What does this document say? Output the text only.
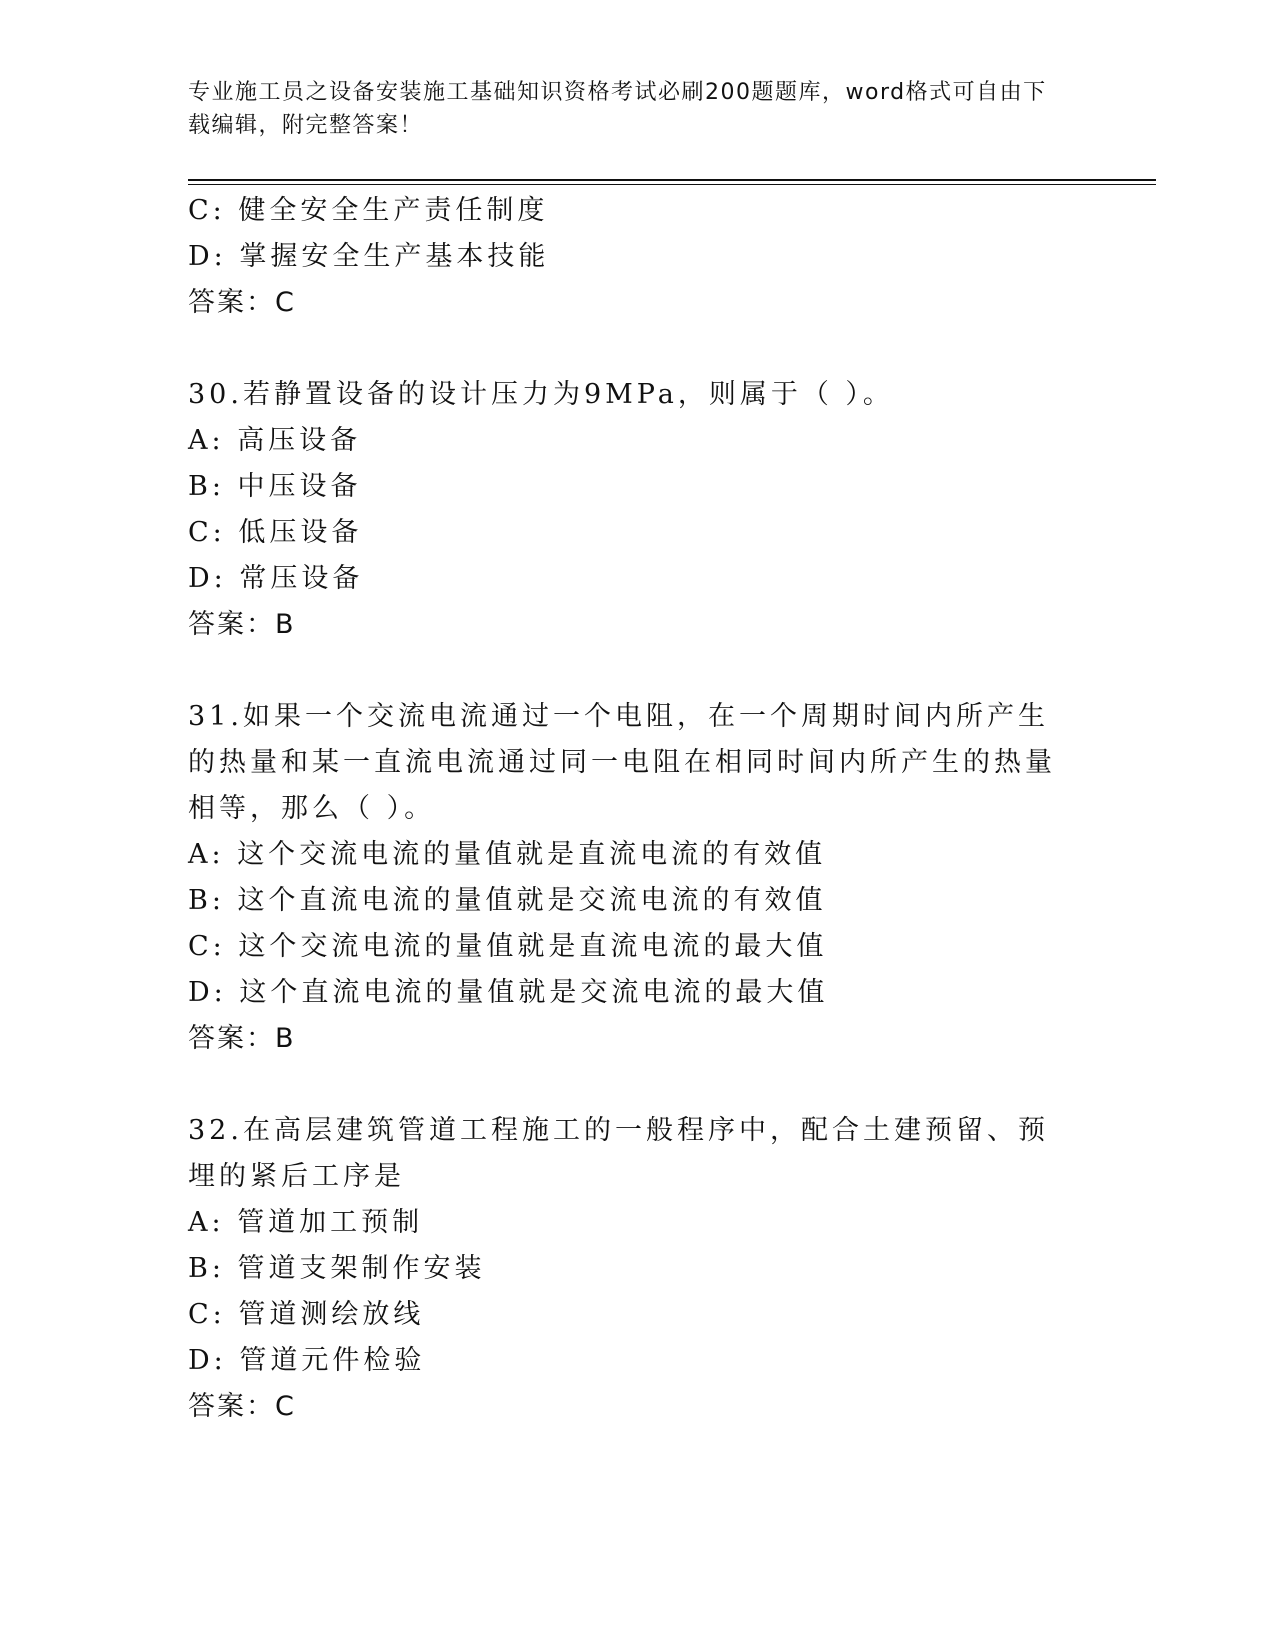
专业施工员之设备安装施工基础知识资格考试必刷200题题库，word格式可自由下载编辑，附完整答案！
C: 健全安全生产责任制度
D: 掌握安全生产基本技能
答案：C
30.若静置设备的设计压力为9MPa，则属于（ ）。
A: 高压设备
B: 中压设备
C: 低压设备
D: 常压设备
答案：B
31.如果一个交流电流通过一个电阻，在一个周期时间内所产生的热量和某一直流电流通过同一电阻在相同时间内所产生的热量相等，那么（ ）。
A: 这个交流电流的量值就是直流电流的有效值
B: 这个直流电流的量值就是交流电流的有效值
C: 这个交流电流的量值就是直流电流的最大值
D: 这个直流电流的量值就是交流电流的最大值
答案：B
32.在高层建筑管道工程施工的一般程序中，配合土建预留、预埋的紧后工序是
A: 管道加工预制
B: 管道支架制作安装
C: 管道测绘放线
D: 管道元件检验
答案：C
